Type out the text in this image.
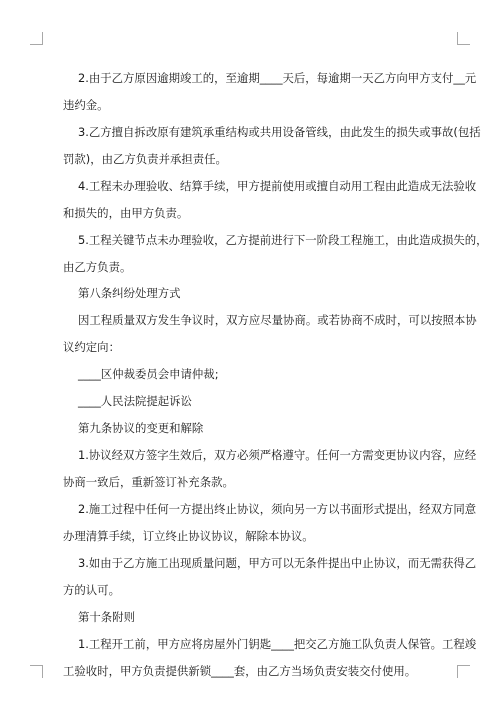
2.由于乙方原因逾期竣工的，至逾期____天后，每逾期一天乙方向甲方支付__元
违约金。
3.乙方擅自拆改原有建筑承重结构或共用设备管线，由此发生的损失或事故(包括
罚款)，由乙方负责并承担责任。
4.工程未办理验收、结算手续，甲方提前使用或擅自动用工程由此造成无法验收
和损失的，由甲方负责。
5.工程关键节点未办理验收，乙方提前进行下一阶段工程施工，由此造成损失的，
由乙方负责。
第八条纠纷处理方式
因工程质量双方发生争议时，双方应尽量协商。或若协商不成时，可以按照本协
议约定向：
____区仲裁委员会申请仲裁;
____人民法院提起诉讼
第九条协议的变更和解除
1.协议经双方签字生效后，双方必须严格遵守。任何一方需变更协议内容，应经
协商一致后，重新签订补充条款。
2.施工过程中任何一方提出终止协议，须向另一方以书面形式提出，经双方同意
办理清算手续，订立终止协议协议，解除本协议。
3.如由于乙方施工出现质量问题，甲方可以无条件提出中止协议，而无需获得乙
方的认可。
第十条附则
1.工程开工前，甲方应将房屋外门钥匙____把交乙方施工队负责人保管。工程竣
工验收时，甲方负责提供新锁____套，由乙方当场负责安装交付使用。
